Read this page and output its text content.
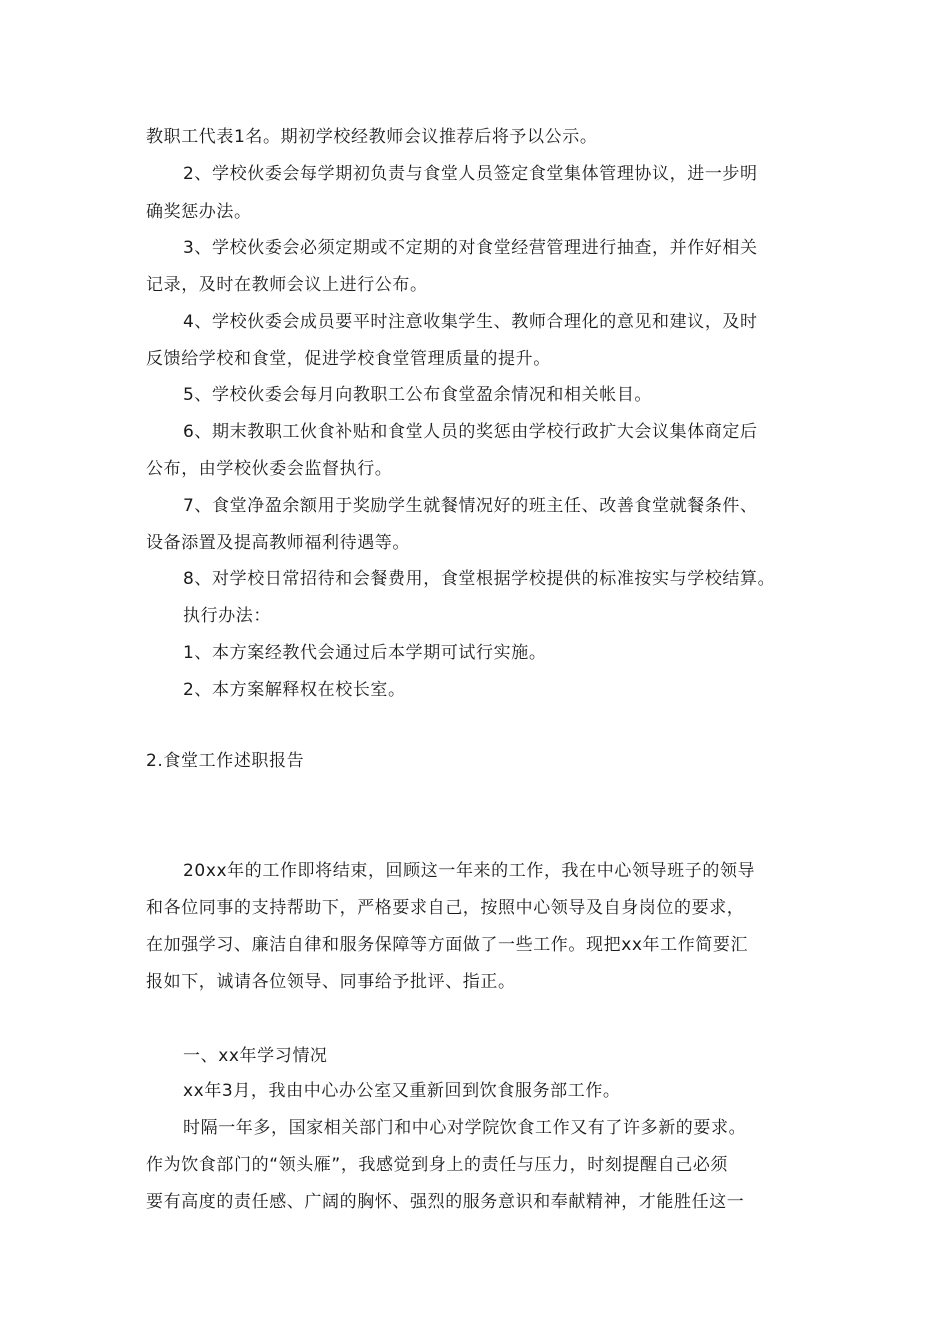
教职工代表1名。期初学校经教师会议推荐后将予以公示。
2、学校伙委会每学期初负责与食堂人员签定食堂集体管理协议，进一步明
确奖惩办法。
3、学校伙委会必须定期或不定期的对食堂经营管理进行抽查，并作好相关
记录，及时在教师会议上进行公布。
4、学校伙委会成员要平时注意收集学生、教师合理化的意见和建议，及时
反馈给学校和食堂，促进学校食堂管理质量的提升。
5、学校伙委会每月向教职工公布食堂盈余情况和相关帐目。
6、期末教职工伙食补贴和食堂人员的奖惩由学校行政扩大会议集体商定后
公布，由学校伙委会监督执行。
7、食堂净盈余额用于奖励学生就餐情况好的班主任、改善食堂就餐条件、
设备添置及提高教师福利待遇等。
8、对学校日常招待和会餐费用，食堂根据学校提供的标准按实与学校结算。
执行办法：
1、本方案经教代会通过后本学期可试行实施。
2、本方案解释权在校长室。
2.食堂工作述职报告
20xx年的工作即将结束，回顾这一年来的工作，我在中心领导班子的领导
和各位同事的支持帮助下，严格要求自己，按照中心领导及自身岗位的要求，
在加强学习、廉洁自律和服务保障等方面做了一些工作。现把xx年工作简要汇
报如下，诚请各位领导、同事给予批评、指正。
一、xx年学习情况
xx年3月，我由中心办公室又重新回到饮食服务部工作。
时隔一年多，国家相关部门和中心对学院饮食工作又有了许多新的要求。
作为饮食部门的“领头雁”，我感觉到身上的责任与压力，时刻提醒自己必须
要有高度的责任感、广阔的胸怀、强烈的服务意识和奉献精神，才能胜任这一
